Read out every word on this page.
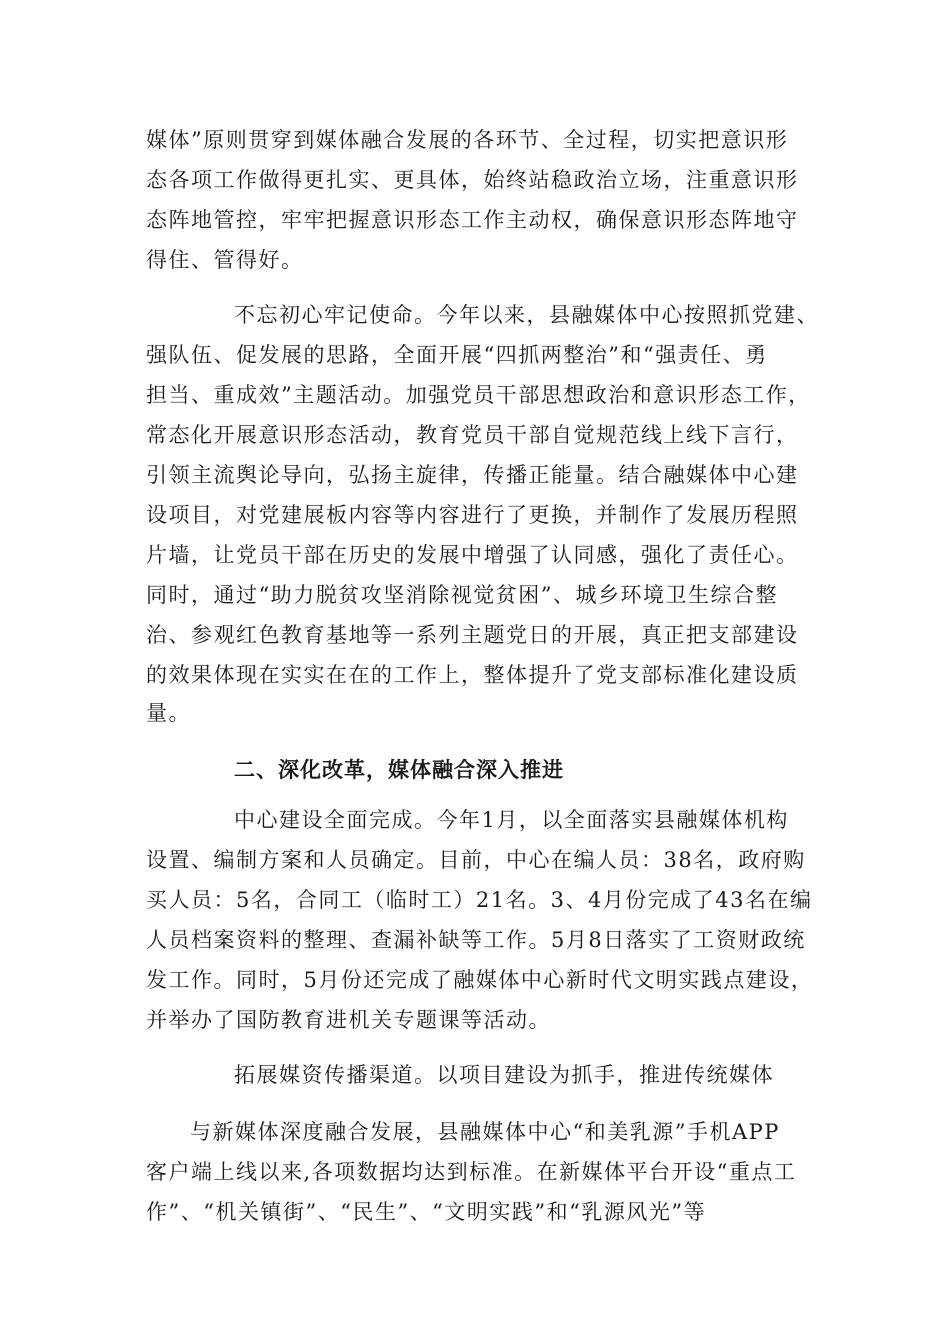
媒体”原则贯穿到媒体融合发展的各环节、全过程，切实把意识形
态各项工作做得更扎实、更具体，始终站稳政治立场，注重意识形
态阵地管控，牢牢把握意识形态工作主动权，确保意识形态阵地守
得住、管得好。
不忘初心牢记使命。今年以来，县融媒体中心按照抓党建、
强队伍、促发展的思路，全面开展“四抓两整治”和“强责任、勇
担当、重成效”主题活动。加强党员干部思想政治和意识形态工作，
常态化开展意识形态活动，教育党员干部自觉规范线上线下言行，
引领主流舆论导向，弘扬主旋律，传播正能量。结合融媒体中心建
设项目，对党建展板内容等内容进行了更换，并制作了发展历程照
片墙，让党员干部在历史的发展中增强了认同感，强化了责任心。
同时，通过“助力脱贫攻坚消除视觉贫困”、城乡环境卫生综合整
治、参观红色教育基地等一系列主题党日的开展，真正把支部建设
的效果体现在实实在在的工作上，整体提升了党支部标准化建设质
量。
二、深化改革，媒体融合深入推进
中心建设全面完成。今年1月，以全面落实县融媒体机构
设置、编制方案和人员确定。目前，中心在编人员：38名，政府购
买人员：5名，合同工（临时工）21名。3、4月份完成了43名在编
人员档案资料的整理、查漏补缺等工作。5月8日落实了工资财政统
发工作。同时，5月份还完成了融媒体中心新时代文明实践点建设，
并举办了国防教育进机关专题课等活动。
拓展媒资传播渠道。以项目建设为抓手，推进传统媒体
与新媒体深度融合发展，县融媒体中心“和美乳源”手机APP
客户端上线以来,各项数据均达到标准。在新媒体平台开设“重点工
作”、“机关镇街”、“民生”、“文明实践”和“乳源风光”等
